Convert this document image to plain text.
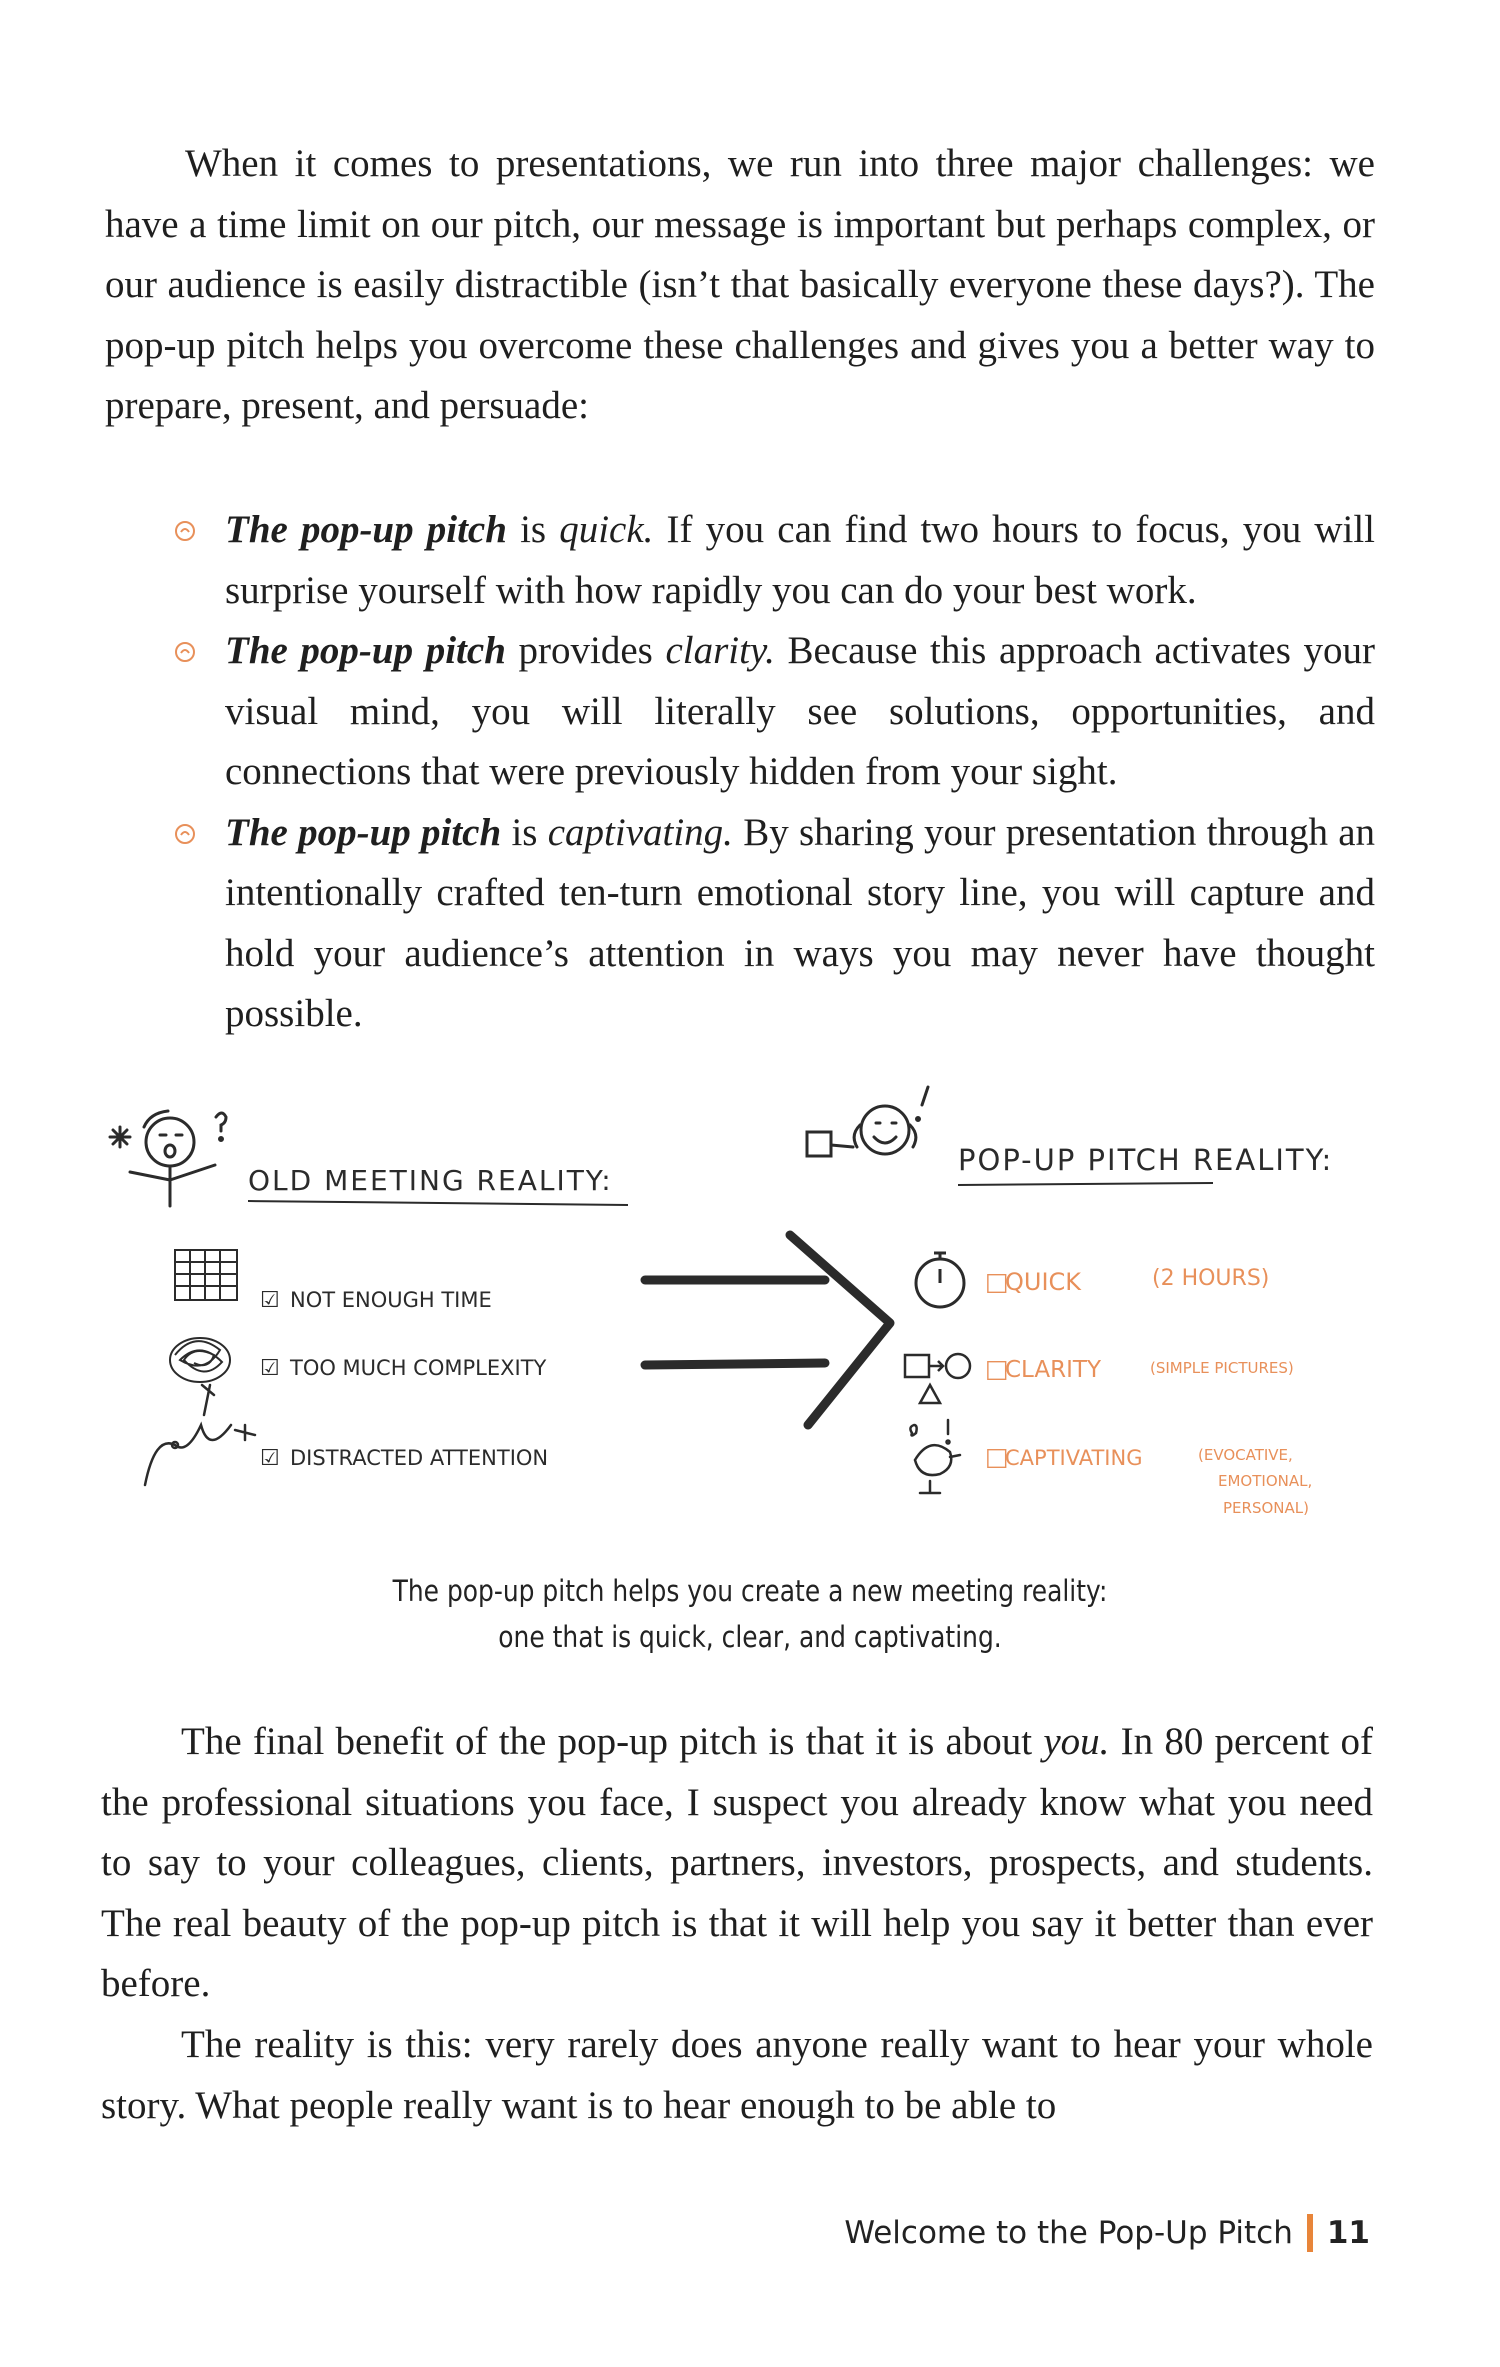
When it comes to presentations, we run into three major challenges: we have a time limit on our pitch, our message is important but perhaps complex, or our audience is easily distractible (isn’t that basically everyone these days?). The pop-up pitch helps you overcome these challenges and gives you a better way to prepare, present, and persuade:

The pop-up pitch is quick. If you can find two hours to focus, you will surprise yourself with how rapidly you can do your best work.
The pop-up pitch provides clarity. Because this approach activates your visual mind, you will literally see solutions, opportunities, and connections that were previously hidden from your sight.
The pop-up pitch is captivating. By sharing your presentation through an intentionally crafted ten-turn emotional story line, you will capture and hold your audience’s attention in ways you may never have thought possible.
OLD MEETING REALITY:
☑ NOT ENOUGH TIME
☑ TOO MUCH COMPLEXITY
☑ DISTRACTED ATTENTION
POP-UP PITCH REALITY:
□
QUICK	(2 HOURS)
□
CLARITY	(SIMPLE PICTURES)
□
CAPTIVATING	(EVOCATIVE,
EMOTIONAL,
PERSONAL)
The pop-up pitch helps you create a new meeting reality:
one that is quick, clear, and captivating.

The final benefit of the pop-up pitch is that it is about you. In 80 percent of the professional situations you face, I suspect you already know what you need to say to your colleagues, clients, partners, investors, prospects, and students. The real beauty of the pop-up pitch is that it will help you say it better than ever before.

The reality is this: very rarely does anyone really want to hear your whole story. What people really want is to hear enough to be able to

Welcome to the Pop-Up Pitch 11
